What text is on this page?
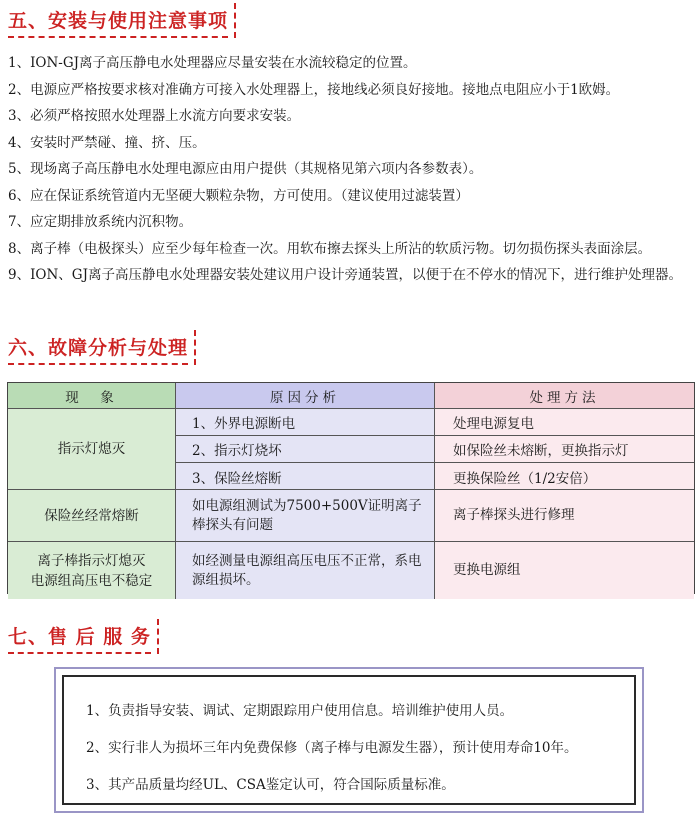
五、安装与使用注意事项
1、ION-GJ离子高压静电水处理器应尽量安装在水流较稳定的位置。
2、电源应严格按要求核对准确方可接入水处理器上，接地线必须良好接地。接地点电阻应小于1欧姆。
3、必须严格按照水处理器上水流方向要求安装。
4、安装时严禁碰、撞、挤、压。
5、现场离子高压静电水处理电源应由用户提供（其规格见第六项内各参数表）。
6、应在保证系统管道内无坚硬大颗粒杂物，方可使用。（建议使用过滤装置）
7、应定期排放系统内沉积物。
8、离子棒（电极探头）应至少每年检查一次。用软布擦去探头上所沾的软质污物。切勿损伤探头表面涂层。
9、ION、GJ离子高压静电水处理器安装处建议用户设计旁通装置，以便于在不停水的情况下，进行维护处理器。
六、故障分析与处理
现　象	原因分析	处理方法
指示灯熄灭
1、外界电源断电
2、指示灯烧坏
3、保险丝熔断
处理电源复电
如保险丝未熔断，更换指示灯
更换保险丝（1/2安倍）
保险丝经常熔断
如电源组测试为7500+500V证明离子棒探头有问题
离子棒探头进行修理
离子棒指示灯熄灭
电源组高压电不稳定
如经测量电源组高压电压不正常，系电源组损坏。
更换电源组
七、售 后 服 务
1、负责指导安装、调试、定期跟踪用户使用信息。培训维护使用人员。
2、实行非人为损坏三年内免费保修（离子棒与电源发生器），预计使用寿命10年。
3、其产品质量均经UL、CSA鉴定认可，符合国际质量标准。
